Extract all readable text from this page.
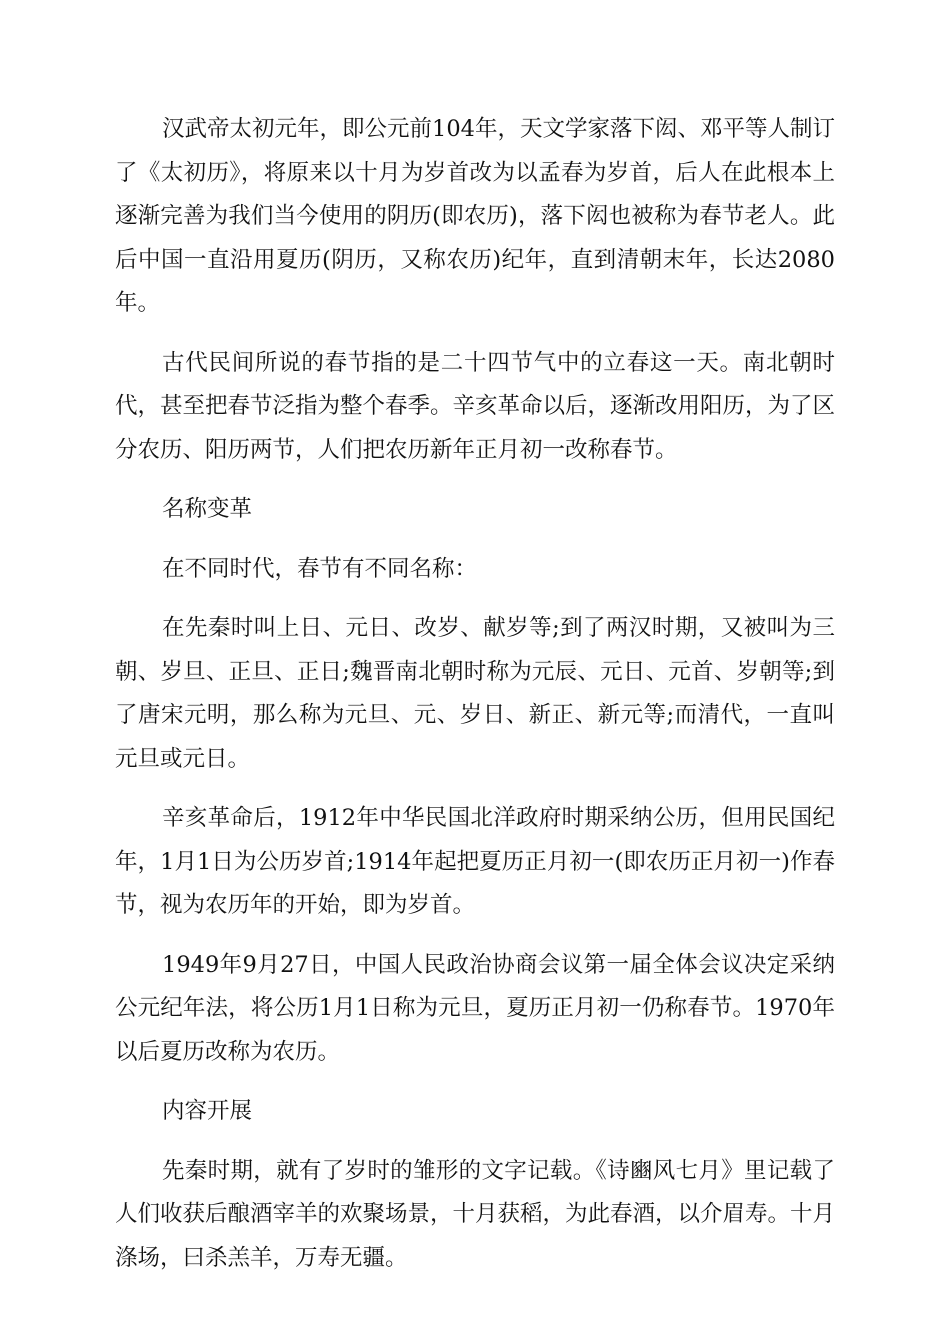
汉武帝太初元年，即公元前104年，天文学家落下闳、邓平等人制订了《太初历》，将原来以十月为岁首改为以孟春为岁首，后人在此根本上逐渐完善为我们当今使用的阴历(即农历)，落下闳也被称为春节老人。此后中国一直沿用夏历(阴历，又称农历)纪年，直到清朝末年，长达2080年。

古代民间所说的春节指的是二十四节气中的立春这一天。南北朝时代，甚至把春节泛指为整个春季。辛亥革命以后，逐渐改用阳历，为了区分农历、阳历两节，人们把农历新年正月初一改称春节。

名称变革

在不同时代，春节有不同名称：

在先秦时叫上日、元日、改岁、献岁等;到了两汉时期，又被叫为三朝、岁旦、正旦、正日;魏晋南北朝时称为元辰、元日、元首、岁朝等;到了唐宋元明，那么称为元旦、元、岁日、新正、新元等;而清代，一直叫元旦或元日。

辛亥革命后，1912年中华民国北洋政府时期采纳公历，但用民国纪年，1月1日为公历岁首;1914年起把夏历正月初一(即农历正月初一)作春节，视为农历年的开始，即为岁首。

1949年9月27日，中国人民政治协商会议第一届全体会议决定采纳公元纪年法，将公历1月1日称为元旦，夏历正月初一仍称春节。1970年以后夏历改称为农历。

内容开展

先秦时期，就有了岁时的雏形的文字记载。《诗豳风七月》里记载了人们收获后酿酒宰羊的欢聚场景，十月获稻，为此春酒，以介眉寿。十月涤场，曰杀羔羊，万寿无疆。
